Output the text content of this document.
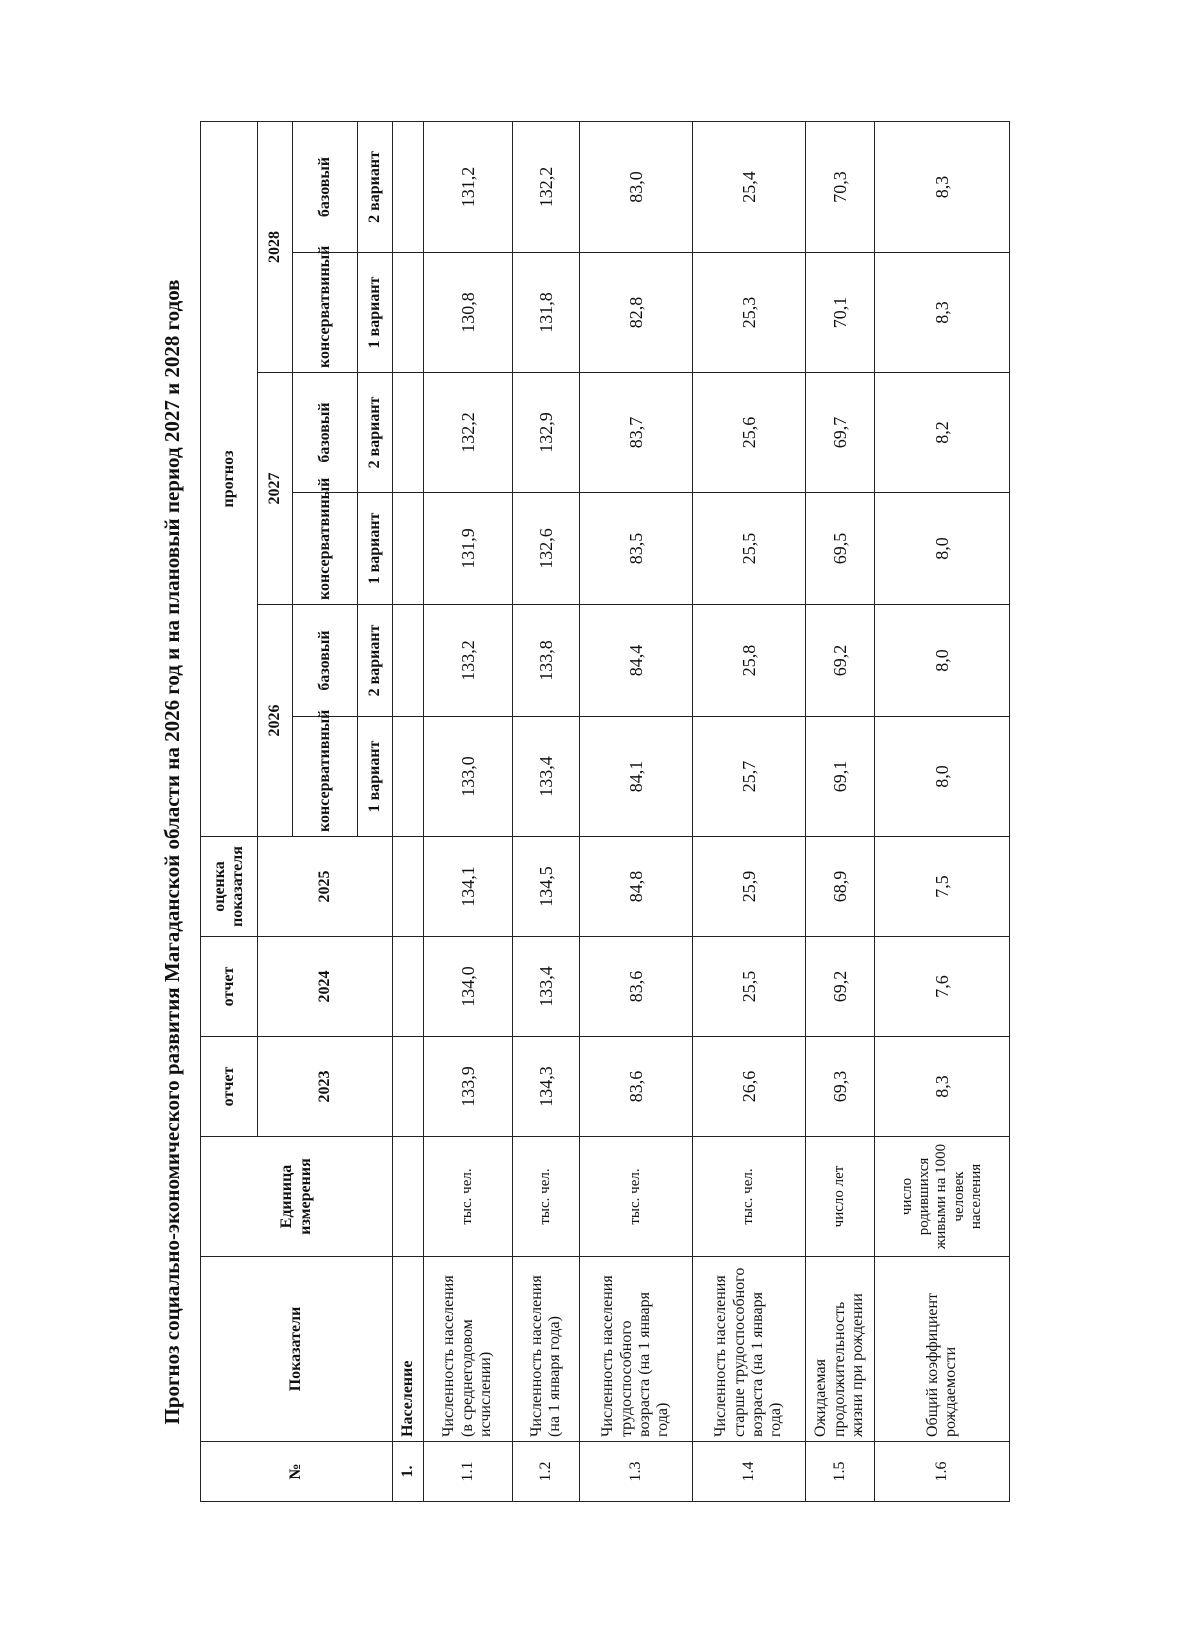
Прогноз социально-экономического развития Магаданской области на 2026 год и на плановый период 2027 и 2028 годов
№	Показатели	Единица измерения	отчет	отчет	оценка показателя	прогноз					
			2023	2024	2025	2026		2027		2028	
						консервативный	базовый	консерватвиный	базовый	консерватвиный	базовый
						1 вариант	2 вариант	1 вариант	2 вариант	1 вариант	2 вариант
1.	Население										
1.1	Численность населения (в среднегодовом исчислении)	тыс. чел.	133,9	134,0	134,1	133,0	133,2	131,9	132,2	130,8	131,2
1.2	Численность населения (на 1 января года)	тыс. чел.	134,3	133,4	134,5	133,4	133,8	132,6	132,9	131,8	132,2
1.3	Численность населения трудоспособного возраста (на 1 января года)	тыс. чел.	83,6	83,6	84,8	84,1	84,4	83,5	83,7	82,8	83,0
1.4	Численность населения старше трудоспособного возраста (на 1 января года)	тыс. чел.	26,6	25,5	25,9	25,7	25,8	25,5	25,6	25,3	25,4
1.5	Ожидаемая продолжительность жизни при рождении	число лет	69,3	69,2	68,9	69,1	69,2	69,5	69,7	70,1	70,3
1.6	Общий коэффициент рождаемости	число родившихся живыми на 1000 человек населения	8,3	7,6	7,5	8,0	8,0	8,0	8,2	8,3	8,3
